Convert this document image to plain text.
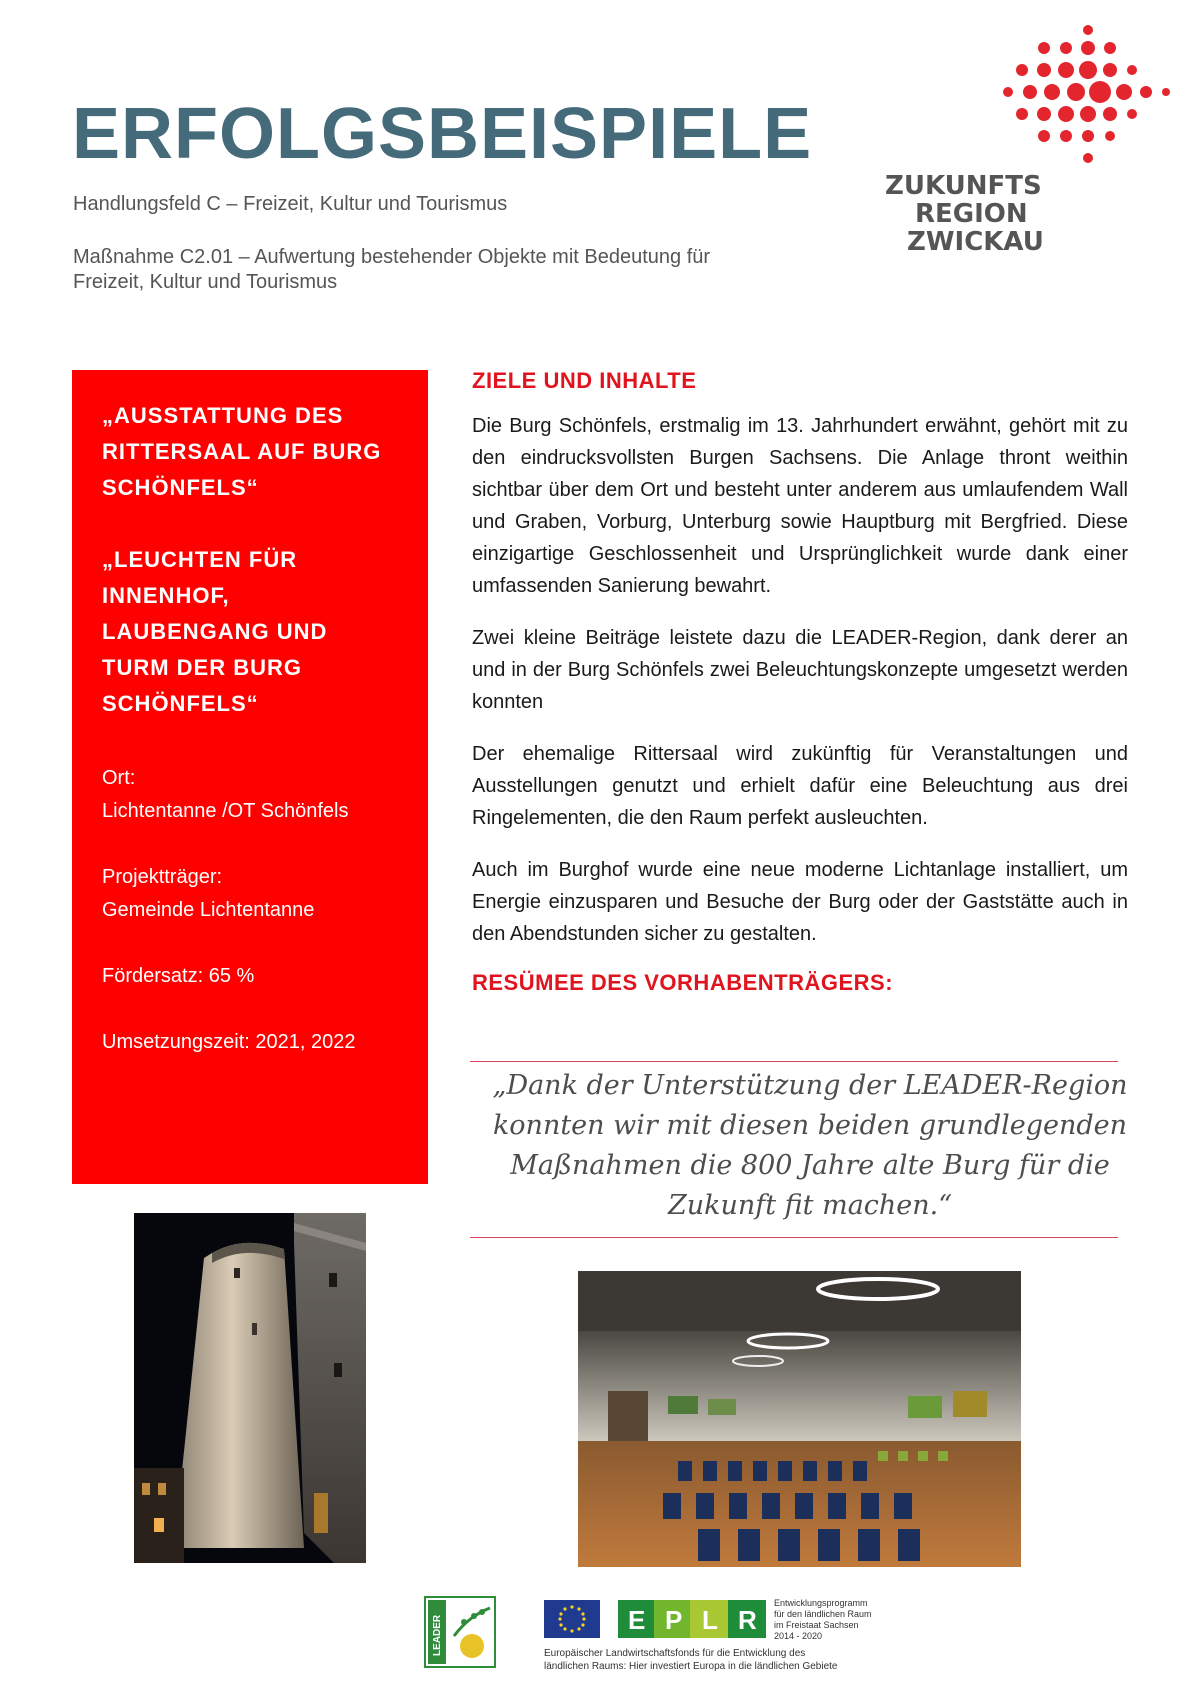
ERFOLGSBEISPIELE
Handlungsfeld C – Freizeit, Kultur und Tourismus
Maßnahme C2.01 – Aufwertung bestehender Objekte mit Bedeutung für
Freizeit, Kultur und Tourismus
ZUKUNFTS
REGION
ZWICKAU
„AUSSTATTUNG DES RITTERSAAL AUF BURG SCHÖNFELS“
„LEUCHTEN FÜR INNENHOF, LAUBENGANG UND TURM DER BURG SCHÖNFELS“
Ort:
Lichtentanne /OT Schönfels
Projektträger:
Gemeinde Lichtentanne
Fördersatz: 65 %
Umsetzungszeit: 2021, 2022
ZIELE UND INHALTE

Die Burg Schönfels, erstmalig im 13. Jahrhundert erwähnt, gehört mit zu den eindrucksvollsten Burgen Sachsens. Die Anlage thront weithin sichtbar über dem Ort und besteht unter anderem aus umlaufendem Wall und Graben, Vorburg, Unterburg sowie Hauptburg mit Bergfried. Diese einzigartige Geschlossenheit und Ursprünglichkeit wurde dank einer umfassenden Sanierung bewahrt.

Zwei kleine Beiträge leistete dazu die LEADER-Region, dank derer an und in der Burg Schönfels zwei Beleuchtungskonzepte umgesetzt werden konnten

Der ehemalige Rittersaal wird zukünftig für Veranstaltungen und Ausstellungen genutzt und erhielt dafür eine Beleuchtung aus drei Ringelementen, die den Raum perfekt ausleuchten.

Auch im Burghof wurde eine neue moderne Lichtanlage installiert, um Energie einzusparen und Besuche der Burg oder der Gaststätte auch in den Abendstunden sicher zu gestalten.

RESÜMEE DES VORHABENTRÄGERS:
„Dank der Unterstützung der LEADER-Region
konnten wir mit diesen beiden grundlegenden
Maßnahmen die 800 Jahre alte Burg für die
Zukunft fit machen.“
LEADER	E P L R
Entwicklungsprogramm
für den ländlichen Raum
im Freistaat Sachsen
2014 - 2020
Europäischer Landwirtschaftsfonds für die Entwicklung des
ländlichen Raums: Hier investiert Europa in die ländlichen Gebiete
